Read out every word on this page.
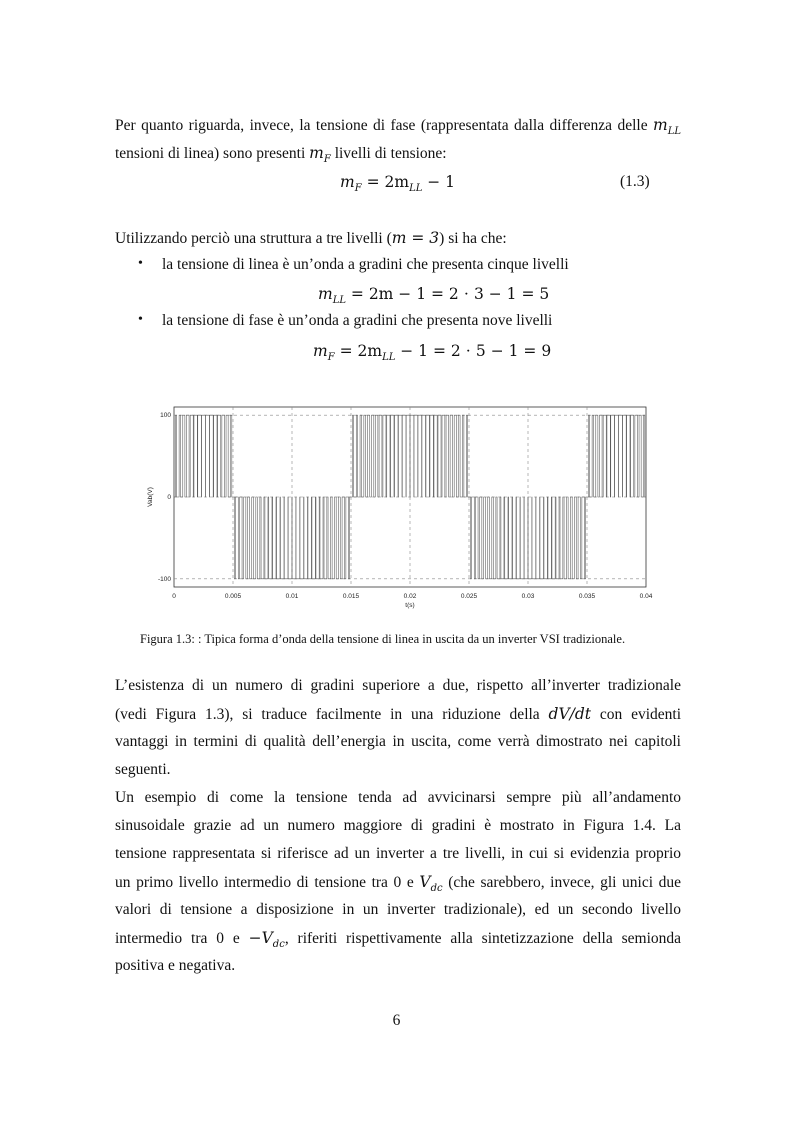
Per quanto riguarda, invece, la tensione di fase (rappresentata dalla differenza delle $m_{LL}$
tensioni di linea) sono presenti $m_F$ livelli di tensione:
$m_F = 2m_{LL} - 1$	(1.3)
Utilizzando perciò una struttura a tre livelli (m = 3) si ha che:
• la tensione di linea è un’onda a gradini che presenta cinque livelli
$m_{LL} = 2m - 1 = 2 \cdot 3 - 1 = 5$
• la tensione di fase è un’onda a gradini che presenta nove livelli
$m_F = 2m_{LL} - 1 = 2 \cdot 5 - 1 = 9$
0	0.005	0.01	0.015	0.02	0.025	0.03	0.035	0.04
-100
0
100
t(s)
Vab(V)
Figura 1.3: : Tipica forma d’onda della tensione di linea in uscita da un inverter VSI tradizionale.
L’esistenza di un numero di gradini superiore a due, rispetto all’inverter tradizionale
(vedi Figura 1.3), si traduce facilmente in una riduzione della dV/dt con evidenti
vantaggi in termini di qualità dell’energia in uscita, come verrà dimostrato nei capitoli
seguenti.
Un esempio di come la tensione tenda ad avvicinarsi sempre più all’andamento
sinusoidale grazie ad un numero maggiore di gradini è mostrato in Figura 1.4. La
tensione rappresentata si riferisce ad un inverter a tre livelli, in cui si evidenzia proprio
un primo livello intermedio di tensione tra 0 e $V_{dc}$ (che sarebbero, invece, gli unici due
valori di tensione a disposizione in un inverter tradizionale), ed un secondo livello
intermedio tra 0 $e -V_{dc}$, riferiti rispettivamente alla sintetizzazione della semionda
positiva e negativa.
6
